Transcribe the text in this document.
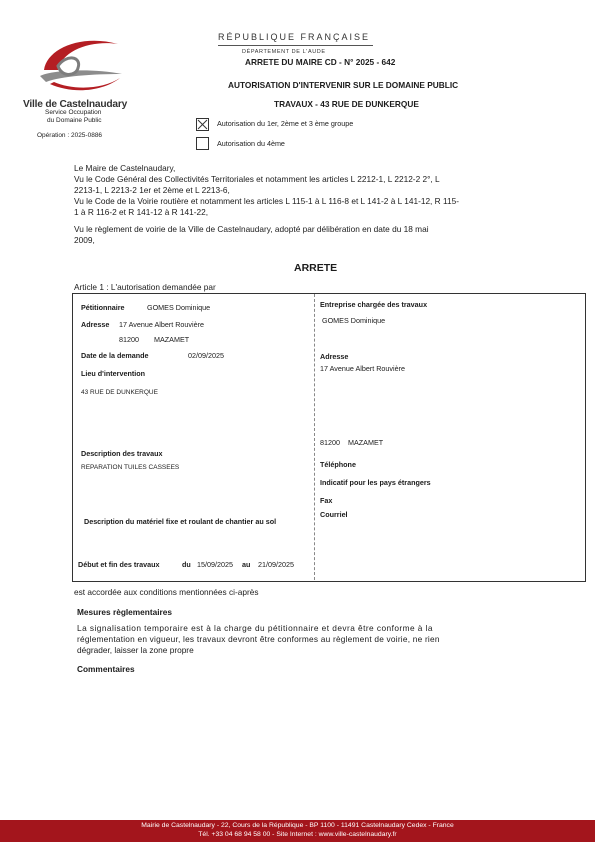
Ville de Castelnaudary
Service Occupation
du Domaine Public
Opération : 2025-0886
RÉPUBLIQUE FRANÇAISE
DÉPARTEMENT DE L'AUDE
ARRETE DU MAIRE CD - N° 2025 - 642
AUTORISATION D'INTERVENIR SUR LE DOMAINE PUBLIC
TRAVAUX - 43 RUE DE DUNKERQUE
Autorisation du 1er, 2ème et 3 ème groupe
Autorisation du 4ème
Le Maire de Castelnaudary,
Vu le Code Général des Collectivités Territoriales et notamment les articles L 2212-1, L 2212-2 2°, L
2213-1, L 2213-2 1er et 2ème et L 2213-6,
Vu le Code de la Voirie routière et notamment les articles L 115-1 à L 116-8 et L 141-2 à L 141-12, R 115-
1 à R 116-2 et R 141-12 à R 141-22,
Vu le règlement de voirie de la Ville de Castelnaudary, adopté par délibération en date du 18 mai
2009,
ARRETE
Article 1 : L'autorisation demandée par
Pétitionnaire	GOMES Dominique
Adresse 17 Avenue Albert Rouvière
81200 MAZAMET
Date de la demande	02/09/2025
Lieu d'intervention
43 RUE DE DUNKERQUE
Description des travaux
REPARATION TUILES CASSEES
Description du matériel fixe et roulant de chantier au sol
Début et fin des travaux	du 15/09/2025 au 21/09/2025
Entreprise chargée des travaux
GOMES Dominique
Adresse
17 Avenue Albert Rouvière
81200 MAZAMET
Téléphone
Indicatif pour les pays étrangers
Fax
Courriel
est accordée aux conditions mentionnées ci-après
Mesures règlementaires
La signalisation temporaire est à la charge du pétitionnaire et devra être conforme à la
réglementation en vigueur, les travaux devront être conformes au règlement de voirie, ne rien
dégrader, laisser la zone propre
Commentaires
Mairie de Castelnaudary - 22, Cours de la République - BP 1100 - 11491 Castelnaudary Cedex - France
Tél. +33 04 68 94 58 00 - Site Internet : www.ville-castelnaudary.fr
